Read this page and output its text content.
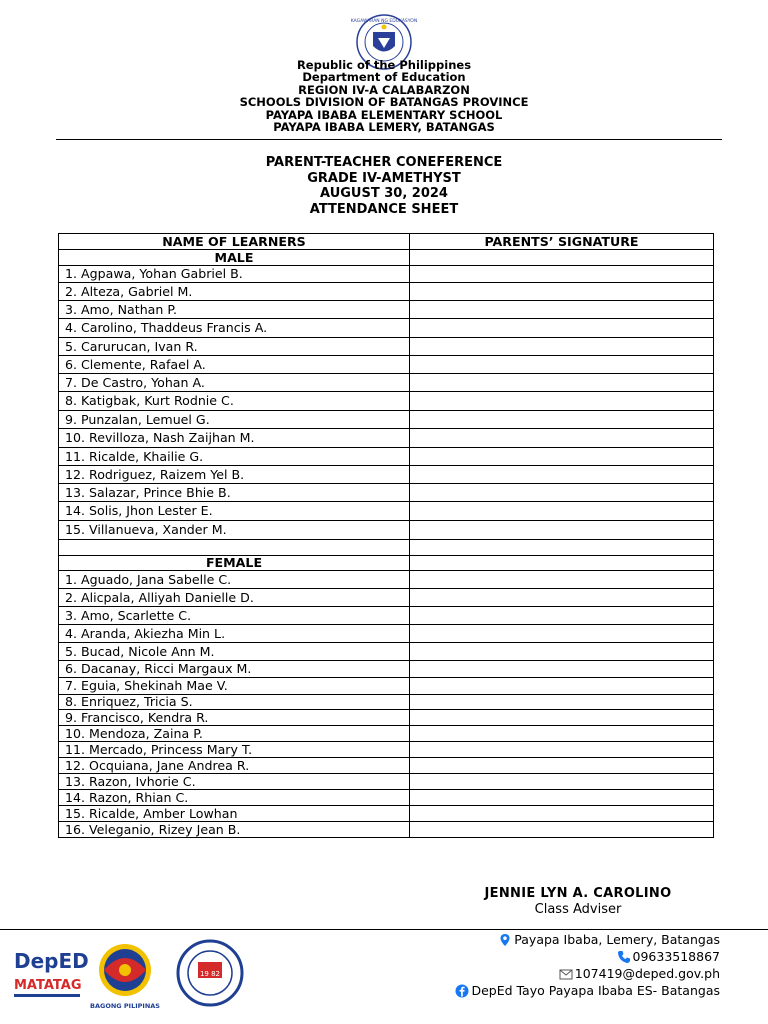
KAGAWARAN NG EDUKASYON
Republic of the Philippines
Department of Education
REGION IV-A CALABARZON
SCHOOLS DIVISION OF BATANGAS PROVINCE
PAYAPA IBABA ELEMENTARY SCHOOL
PAYAPA IBABA LEMERY, BATANGAS
PARENT-TEACHER CONEFERENCE
GRADE IV-AMETHYST
AUGUST 30, 2024
ATTENDANCE SHEET
NAME OF LEARNERS	PARENTS’ SIGNATURE
MALE	
1. Agpawa, Yohan Gabriel B.	
2. Alteza, Gabriel M.	
3. Amo, Nathan P.	
4. Carolino, Thaddeus Francis A.	
5. Carurucan, Ivan R.	
6. Clemente, Rafael A.	
7. De Castro, Yohan A.	
8. Katigbak, Kurt Rodnie C.	
9. Punzalan, Lemuel G.	
10. Revilloza, Nash Zaijhan M.	
11. Ricalde, Khailie G.	
12. Rodriguez, Raizem Yel B.	
13. Salazar, Prince Bhie B.	
14. Solis, Jhon Lester E.	
15. Villanueva, Xander M.	

FEMALE	
1. Aguado, Jana Sabelle C.	
2. Alicpala, Alliyah Danielle D.	
3. Amo, Scarlette C.	
4. Aranda, Akiezha Min L.	
5. Bucad, Nicole Ann M.	
6. Dacanay, Ricci Margaux M.	
7. Eguia, Shekinah Mae V.	
8. Enriquez, Tricia S.	
9. Francisco, Kendra R.	
10. Mendoza, Zaina P.	
11. Mercado, Princess Mary T.	
12. Ocquiana, Jane Andrea R.	
13. Razon, Ivhorie C.	
14. Razon, Rhian C.	
15. Ricalde, Amber Lowhan	
16. Veleganio, Rizey Jean B.	
JENNIE LYN A. CAROLINO
Class Adviser
DepED
MATATAG
BAGONG PILIPINAS
19 82
Payapa Ibaba, Lemery, Batangas
09633518867
107419@deped.gov.ph
DepEd Tayo Payapa Ibaba ES- Batangas
